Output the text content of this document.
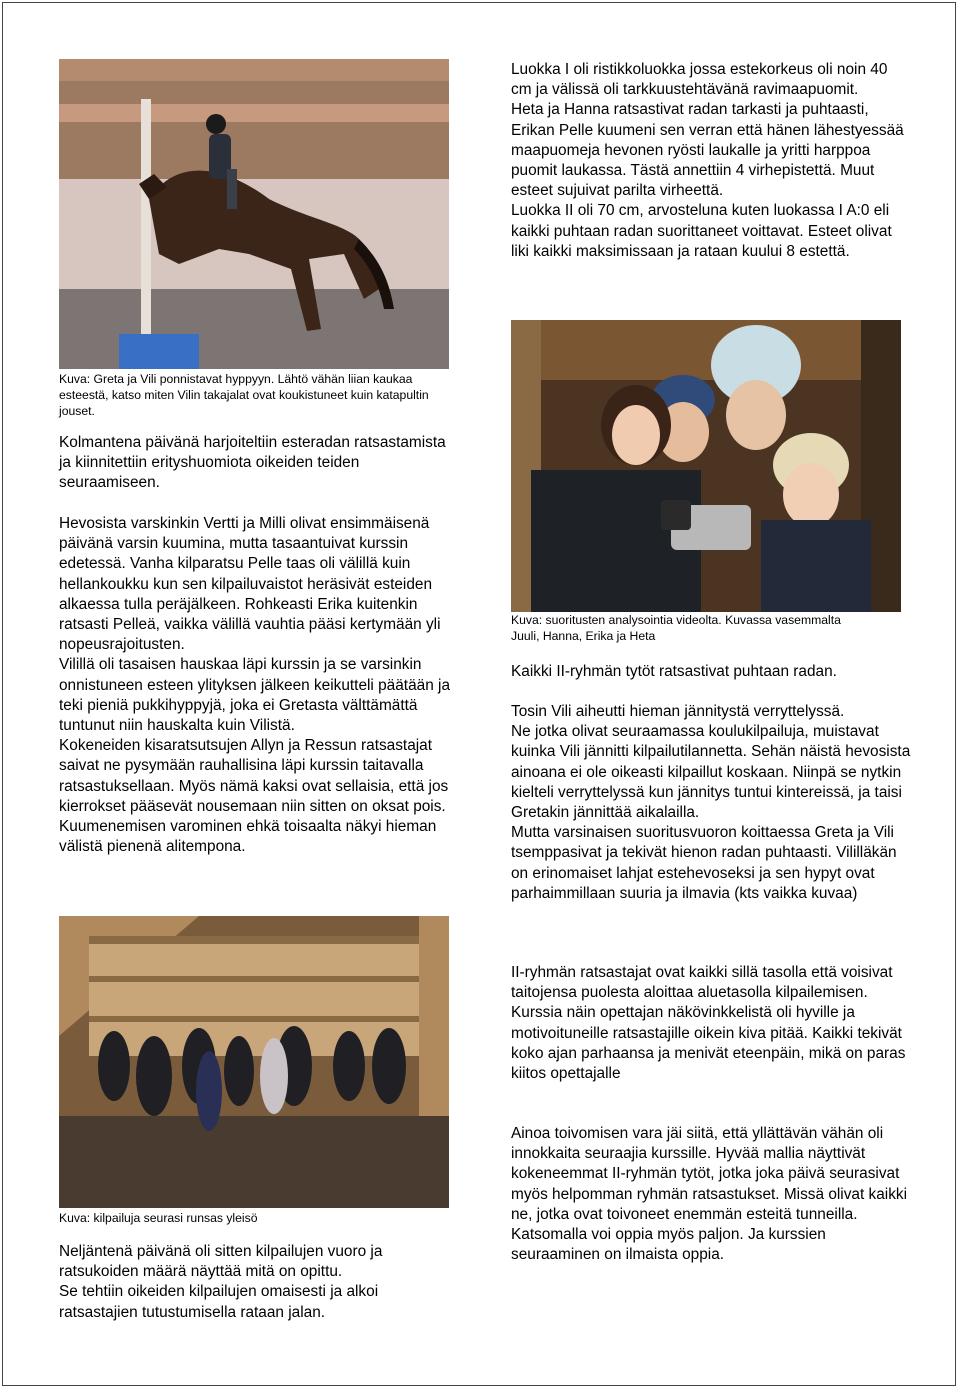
Luokka I oli ristikkoluokka jossa estekorkeus oli noin 40 cm ja välissä oli tarkkuustehtävänä ravimaapuomit.

Heta ja Hanna ratsastivat radan tarkasti ja puhtaasti, Erikan Pelle kuumeni sen verran että hänen lähestyessää maapuomeja hevonen ryösti laukalle ja yritti harppoa puomit laukassa. Tästä annettiin 4 virhepistettä. Muut esteet sujuivat parilta virheettä.

Luokka II oli 70 cm, arvosteluna kuten luokassa I A:0 eli kaikki puhtaan radan suorittaneet voittavat. Esteet olivat liki kaikki maksimissaan ja rataan kuului 8 estettä.

Kuva: Greta ja Vili ponnistavat hyppyyn. Lähtö vähän liian kaukaa esteestä, katso miten Vilin takajalat ovat koukistuneet kuin katapultin jouset.
Kolmantena päivänä harjoiteltiin esteradan ratsastamista ja kiinnitettiin erityshuomiota oikeiden teiden seuraamiseen.

Hevosista varskinkin Vertti ja Milli olivat ensimmäisenä päivänä varsin kuumina, mutta tasaantuivat kurssin edetessä. Vanha kilparatsu Pelle taas oli välillä kuin hellankoukku kun sen kilpailuvaistot heräsivät esteiden alkaessa tulla peräjälkeen. Rohkeasti Erika kuitenkin ratsasti Pelleä, vaikka välillä vauhtia pääsi kertymään yli nopeusrajoitusten.

Vilillä oli tasaisen hauskaa läpi kurssin ja se varsinkin onnistuneen esteen ylityksen jälkeen keikutteli päätään ja teki pieniä pukkihyppyjä, joka ei Gretasta välttämättä tuntunut niin hauskalta kuin Vilistä.

Kokeneiden kisaratsutsujen Allyn ja Ressun ratsastajat saivat ne pysymään rauhallisina läpi kurssin taitavalla ratsastuksellaan. Myös nämä kaksi ovat sellaisia, että jos kierrokset pääsevät nousemaan niin sitten on oksat pois.

Kuumenemisen varominen ehkä toisaalta näkyi hieman välistä pienenä alitempona.

Kuva: suoritusten analysointia videolta. Kuvassa vasemmalta
Juuli, Hanna, Erika ja Heta
Kaikki II-ryhmän tytöt ratsastivat puhtaan radan.

Tosin Vili aiheutti hieman jännitystä verryttelyssä.

Ne jotka olivat seuraamassa koulukilpailuja, muistavat kuinka Vili jännitti kilpailutilannetta. Sehän näistä hevosista ainoana ei ole oikeasti kilpaillut koskaan. Niinpä se nytkin kielteli verryttelyssä kun jännitys tuntui kintereissä, ja taisi Gretakin jännittää aikalailla.

Mutta varsinaisen suoritusvuoron koittaessa Greta ja Vili tsemppasivat ja tekivät hienon radan puhtaasti. Vililläkän on erinomaiset lahjat estehevoseksi ja sen hypyt ovat parhaimmillaan suuria ja ilmavia (kts vaikka kuvaa)

II-ryhmän ratsastajat ovat kaikki sillä tasolla että voisivat taitojensa puolesta aloittaa aluetasolla kilpailemisen.

Kurssia näin opettajan näkövinkkelistä oli hyville ja motivoituneille ratsastajille oikein kiva pitää. Kaikki tekivät koko ajan parhaansa ja menivät eteenpäin, mikä on paras kiitos opettajalle

Ainoa toivomisen vara jäi siitä, että yllättävän vähän oli innokkaita seuraajia kurssille. Hyvää mallia näyttivät kokeneemmat II-ryhmän tytöt, jotka joka päivä seurasivat myös helpomman ryhmän ratsastukset. Missä olivat kaikki ne, jotka ovat toivoneet enemmän esteitä tunneilla.

Katsomalla voi oppia myös paljon. Ja kurssien seuraaminen on ilmaista oppia.

Kuva: kilpailuja seurasi runsas yleisö

Neljäntenä päivänä oli sitten kilpailujen vuoro ja ratsukoiden määrä näyttää mitä on opittu.

Se tehtiin oikeiden kilpailujen omaisesti ja alkoi ratsastajien tutustumisella rataan jalan.
